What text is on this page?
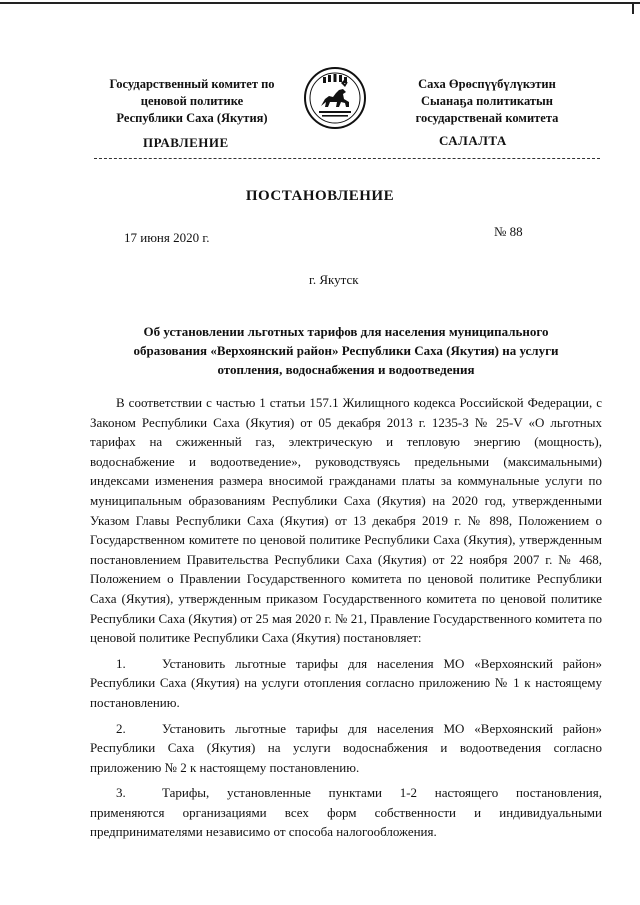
Государственный комитет по
ценовой политике
Республики Саха (Якутия)
Саха Өрөспүүбүлүкэтин
Сыанаҕа политикатын
государственай комитета
ПРАВЛЕНИЕ	САЛАЛТА
ПОСТАНОВЛЕНИЕ
17 июня 2020 г.	№ 88
г. Якутск
Об установлении льготных тарифов для населения муниципального
образования «Верхоянский район» Республики Саха (Якутия) на услуги
отопления, водоснабжения и водоотведения

В соответствии с частью 1 статьи 157.1 Жилищного кодекса Российской Федерации, с Законом Республики Саха (Якутия) от 05 декабря 2013 г. 1235-З № 25-V «О льготных тарифах на сжиженный газ, электрическую и тепловую энергию (мощность), водоснабжение и водоотведение», руководствуясь предельными (максимальными) индексами изменения размера вносимой гражданами платы за коммунальные услуги по муниципальным образованиям Республики Саха (Якутия) на 2020 год, утвержденными Указом Главы Республики Саха (Якутия) от 13 декабря 2019 г. № 898, Положением о Государственном комитете по ценовой политике Республики Саха (Якутия), утвержденным постановлением Правительства Республики Саха (Якутия) от 22 ноября 2007 г. № 468, Положением о Правлении Государственного комитета по ценовой политике Республики Саха (Якутия), утвержденным приказом Государственного комитета по ценовой политике Республики Саха (Якутия) от 25 мая 2020 г. № 21, Правление Государственного комитета по ценовой политике Республики Саха (Якутия) постановляет:

1.	Установить льготные тарифы для населения МО «Верхоянский район» Республики Саха (Якутия) на услуги отопления согласно приложению № 1 к настоящему постановлению.

2.	Установить льготные тарифы для населения МО «Верхоянский район» Республики Саха (Якутия) на услуги водоснабжения и водоотведения согласно приложению № 2 к настоящему постановлению.

3.	Тарифы, установленные пунктами 1-2 настоящего постановления, применяются организациями всех форм собственности и индивидуальными предпринимателями независимо от способа налогообложения.
